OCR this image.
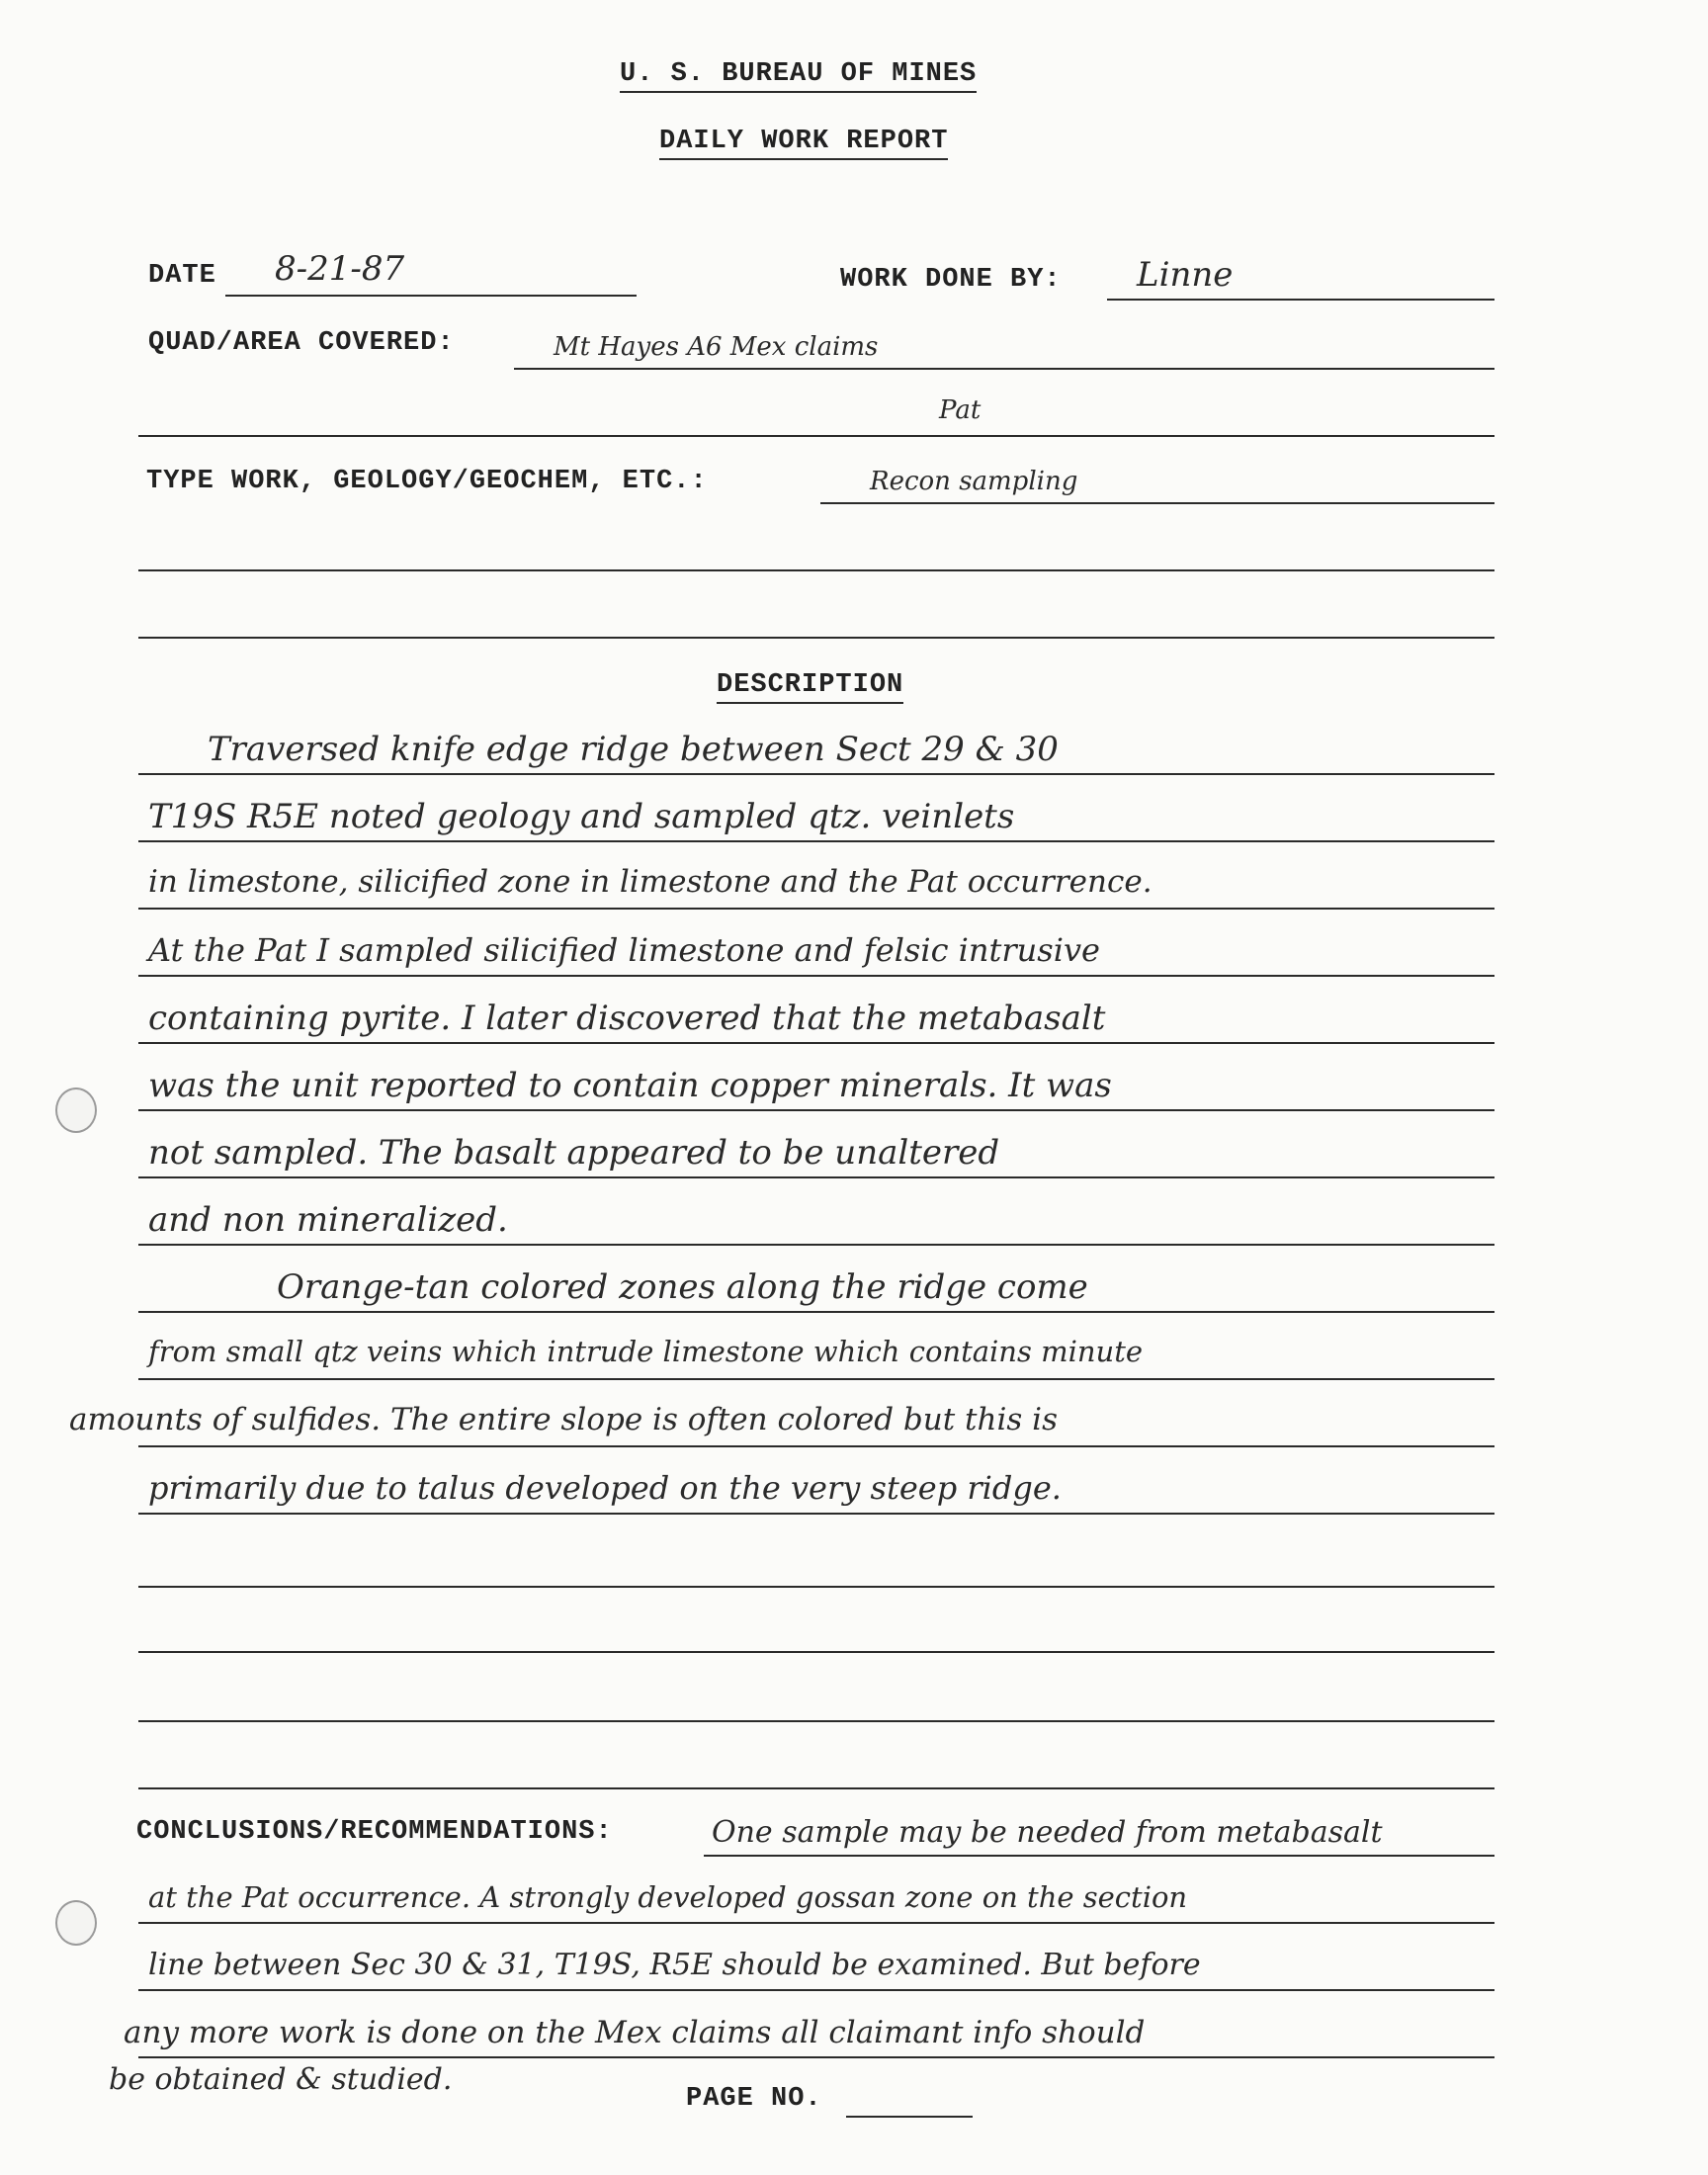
U. S. BUREAU OF MINES
DAILY WORK REPORT
DATE 8-21-87	WORK DONE BY: Linne
QUAD/AREA COVERED:	Mt Hayes A6 Mex claims
Pat
TYPE WORK, GEOLOGY/GEOCHEM, ETC.:	Recon sampling
DESCRIPTION
Traversed knife edge ridge between Sect 29 & 30
T19S R5E noted geology and sampled qtz. veinlets
in limestone, silicified zone in limestone and the Pat occurrence.
At the Pat I sampled silicified limestone and felsic intrusive
containing pyrite. I later discovered that the metabasalt
was the unit reported to contain copper minerals. It was
not sampled. The basalt appeared to be unaltered
and non mineralized.
Orange-tan colored zones along the ridge come
from small qtz veins which intrude limestone which contains minute
amounts of sulfides. The entire slope is often colored but this is
primarily due to talus developed on the very steep ridge.
CONCLUSIONS/RECOMMENDATIONS:	One sample may be needed from metabasalt
at the Pat occurrence. A strongly developed gossan zone on the section
line between Sec 30 & 31, T19S, R5E should be examined. But before
any more work is done on the Mex claims all claimant info should
be obtained & studied.
PAGE NO.
